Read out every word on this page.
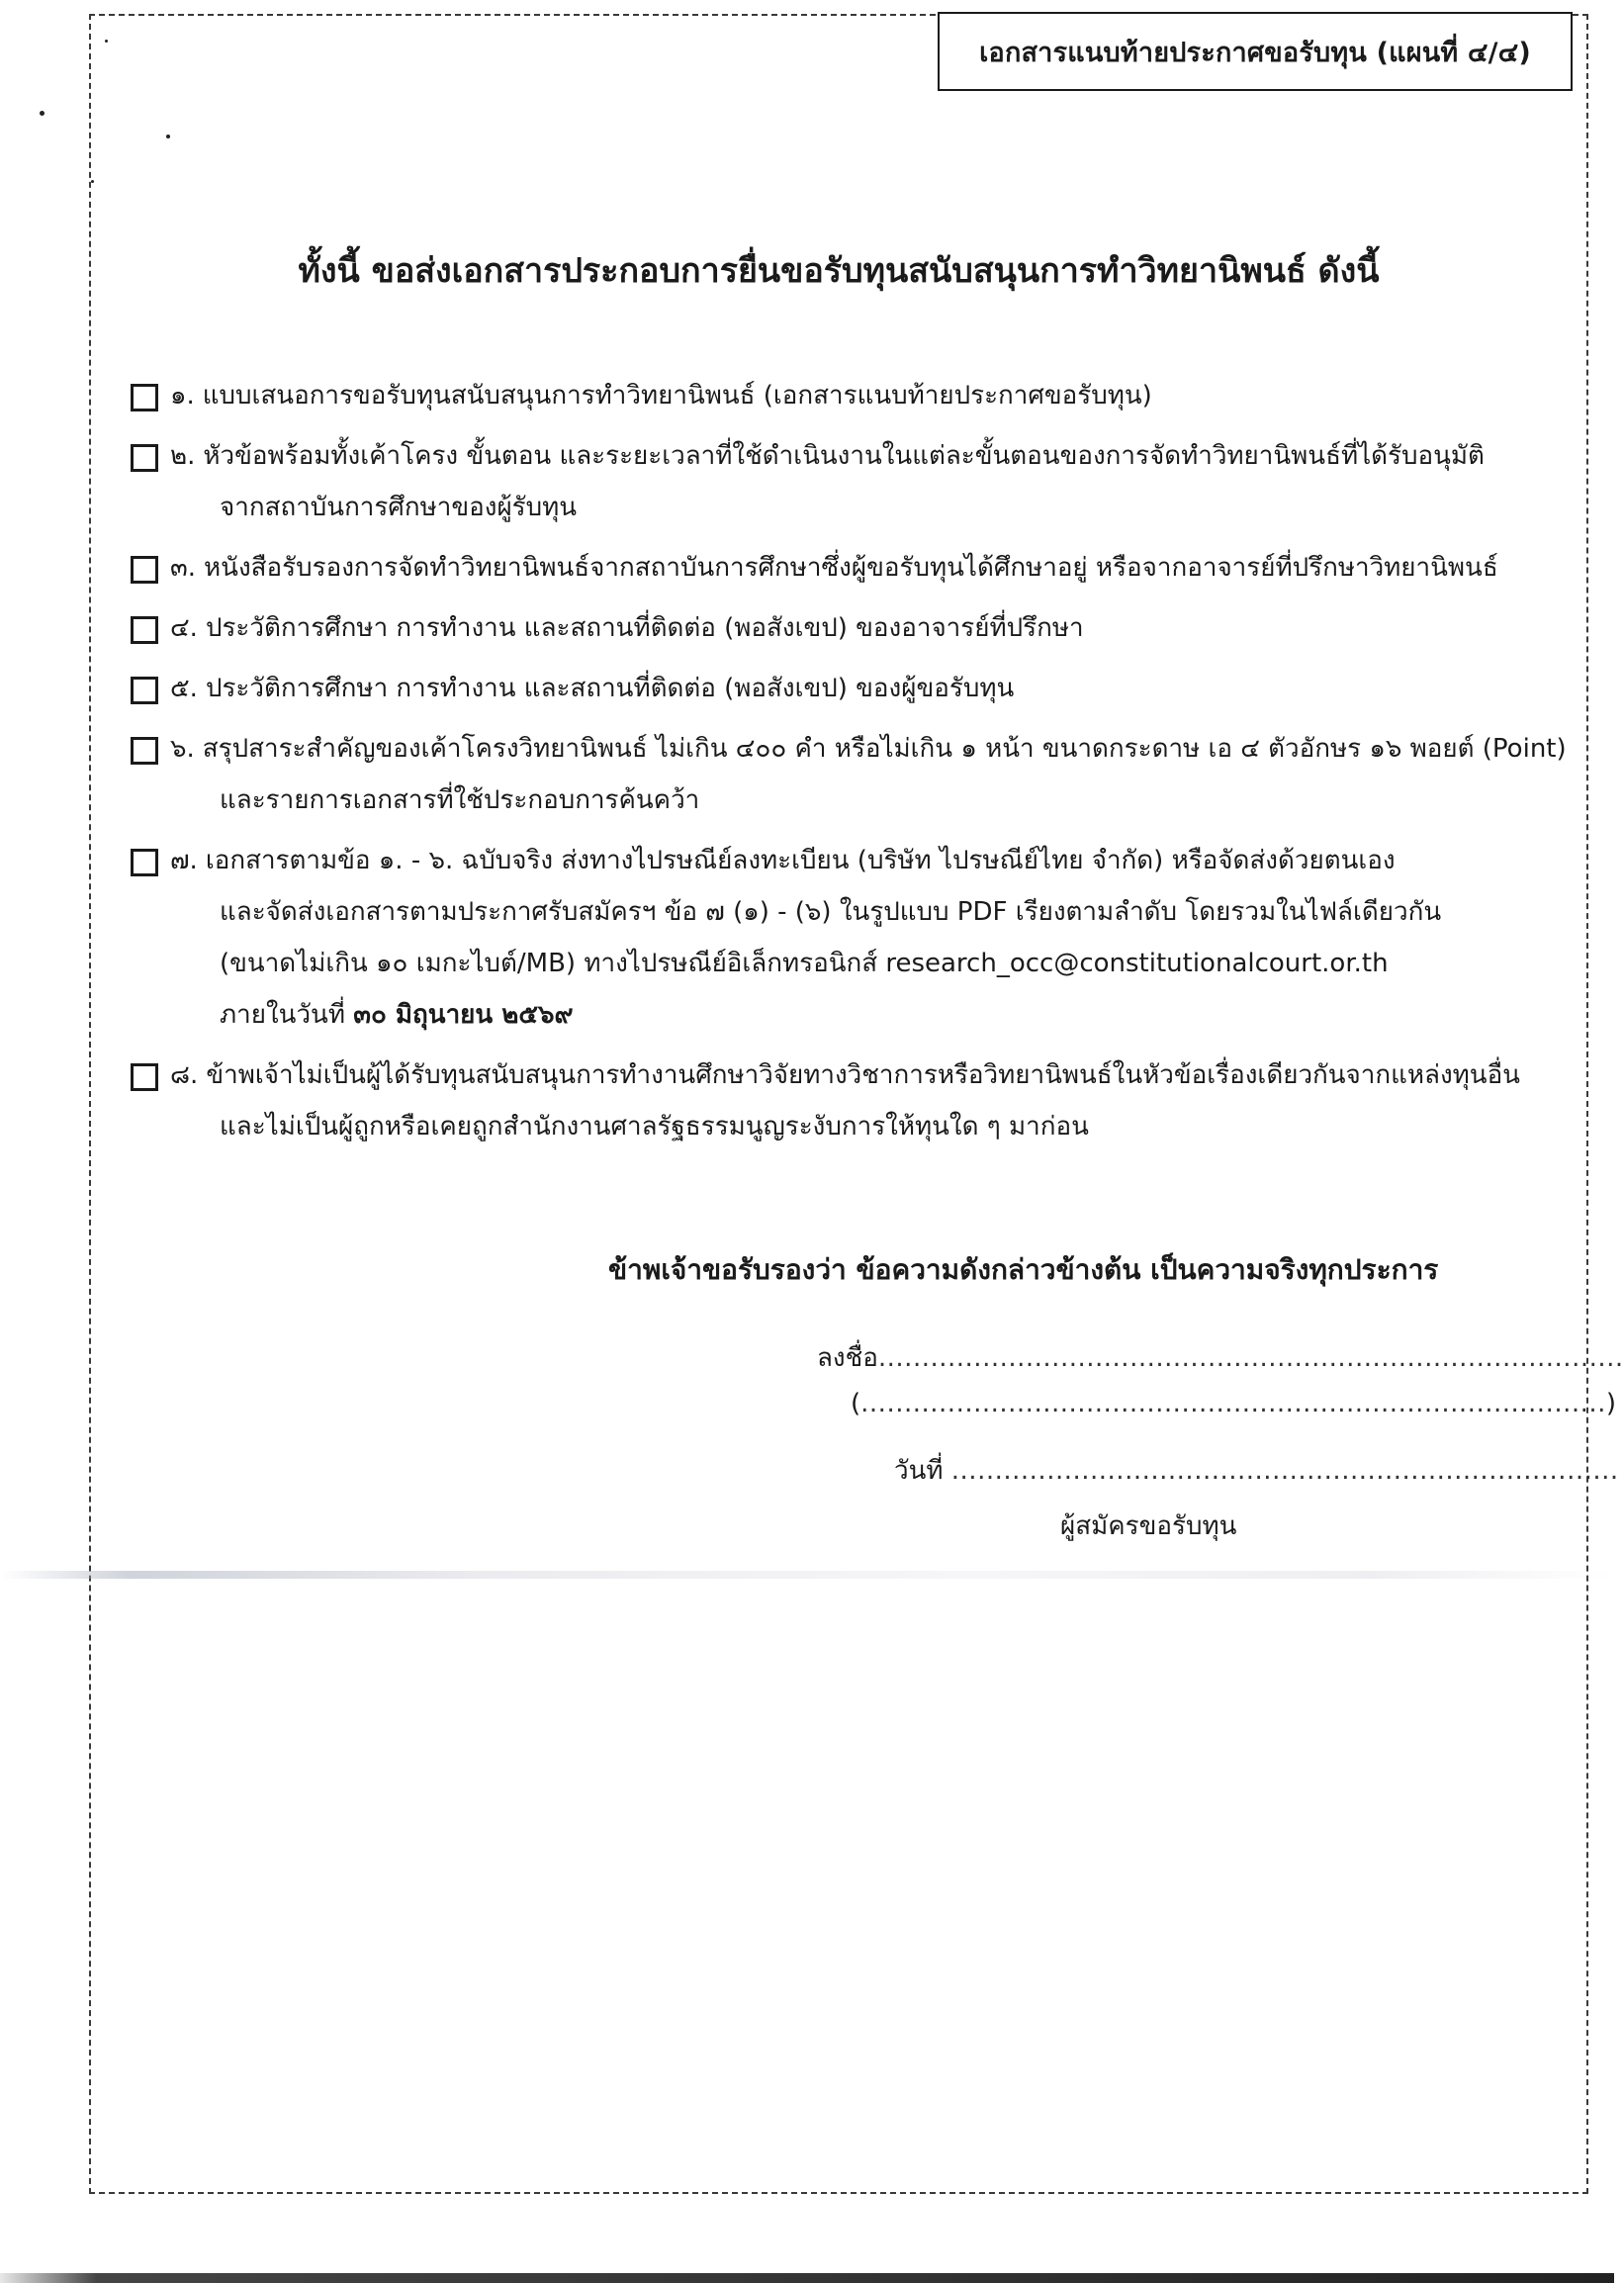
เอกสารแนบท้ายประกาศขอรับทุน (แผนที่ ๔/๔)
ทั้งนี้ ขอส่งเอกสารประกอบการยื่นขอรับทุนสนับสนุนการทำวิทยานิพนธ์ ดังนี้
๑. แบบเสนอการขอรับทุนสนับสนุนการทำวิทยานิพนธ์ (เอกสารแนบท้ายประกาศขอรับทุน)
๒. หัวข้อพร้อมทั้งเค้าโครง ขั้นตอน และระยะเวลาที่ใช้ดำเนินงานในแต่ละขั้นตอนของการจัดทำวิทยานิพนธ์ที่ได้รับอนุมัติ
จากสถาบันการศึกษาของผู้รับทุน
๓. หนังสือรับรองการจัดทำวิทยานิพนธ์จากสถาบันการศึกษาซึ่งผู้ขอรับทุนได้ศึกษาอยู่ หรือจากอาจารย์ที่ปรึกษาวิทยานิพนธ์
๔. ประวัติการศึกษา การทำงาน และสถานที่ติดต่อ (พอสังเขป) ของอาจารย์ที่ปรึกษา
๕. ประวัติการศึกษา การทำงาน และสถานที่ติดต่อ (พอสังเขป) ของผู้ขอรับทุน
๖. สรุปสาระสำคัญของเค้าโครงวิทยานิพนธ์ ไม่เกิน ๔๐๐ คำ หรือไม่เกิน ๑ หน้า ขนาดกระดาษ เอ ๔ ตัวอักษร ๑๖ พอยต์ (Point)
และรายการเอกสารที่ใช้ประกอบการค้นคว้า
๗. เอกสารตามข้อ ๑. - ๖. ฉบับจริง ส่งทางไปรษณีย์ลงทะเบียน (บริษัท ไปรษณีย์ไทย จำกัด) หรือจัดส่งด้วยตนเอง
และจัดส่งเอกสารตามประกาศรับสมัครฯ ข้อ ๗ (๑) - (๖) ในรูปแบบ PDF เรียงตามลำดับ โดยรวมในไฟล์เดียวกัน
(ขนาดไม่เกิน ๑๐ เมกะไบต์/MB) ทางไปรษณีย์อิเล็กทรอนิกส์ research_occ@constitutionalcourt.or.th
ภายในวันที่ ๓๐ มิถุนายน ๒๕๖๙
๘. ข้าพเจ้าไม่เป็นผู้ได้รับทุนสนับสนุนการทำงานศึกษาวิจัยทางวิชาการหรือวิทยานิพนธ์ในหัวข้อเรื่องเดียวกันจากแหล่งทุนอื่น
และไม่เป็นผู้ถูกหรือเคยถูกสำนักงานศาลรัฐธรรมนูญระงับการให้ทุนใด ๆ มาก่อน
ข้าพเจ้าขอรับรองว่า ข้อความดังกล่าวข้างต้น เป็นความจริงทุกประการ
ลงชื่อ......................................................................................
(......................................................................................)
วันที่ .............................................................................
ผู้สมัครขอรับทุน
